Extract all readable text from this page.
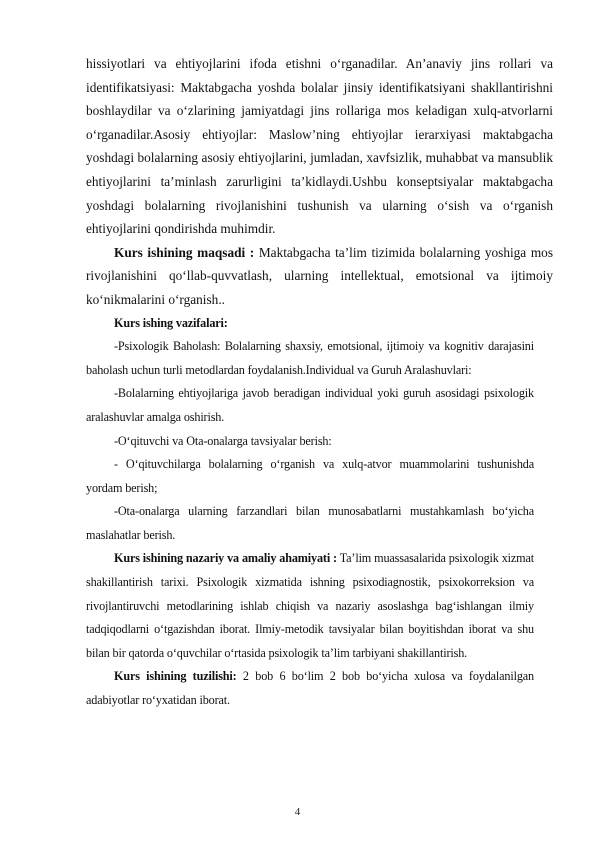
hissiyotlari va ehtiyojlarini ifoda etishni o‘rganadilar. An’anaviy jins rollari va identifikatsiyasi: Maktabgacha yoshda bolalar jinsiy identifikatsiyani shakllantirishni boshlaydilar va o‘zlarining jamiyatdagi jins rollariga mos keladigan xulq-atvorlarni o‘rganadilar.Asosiy ehtiyojlar: Maslow’ning ehtiyojlar ierarxiyasi maktabgacha yoshdagi bolalarning asosiy ehtiyojlarini, jumladan, xavfsizlik, muhabbat va mansublik ehtiyojlarini ta’minlash zarurligini ta’kidlaydi.Ushbu konseptsiyalar maktabgacha yoshdagi bolalarning rivojlanishini tushunish va ularning o‘sish va o‘rganish ehtiyojlarini qondirishda muhimdir.

Kurs ishining maqsadi : Maktabgacha ta’lim tizimida bolalarning yoshiga mos rivojlanishini qo‘llab-quvvatlash, ularning intellektual, emotsional va ijtimoiy ko‘nikmalarini o‘rganish..

Kurs ishing vazifalari:

-Psixologik Baholash: Bolalarning shaxsiy, emotsional, ijtimoiy va kognitiv darajasini baholash uchun turli metodlardan foydalanish.Individual va Guruh Aralashuvlari:

-Bolalarning ehtiyojlariga javob beradigan individual yoki guruh asosidagi psixologik aralashuvlar amalga oshirish.

-O‘qituvchi va Ota-onalarga tavsiyalar berish:

- O‘qituvchilarga bolalarning o‘rganish va xulq-atvor muammolarini tushunishda yordam berish;

-Ota-onalarga ularning farzandlari bilan munosabatlarni mustahkamlash bo‘yicha maslahatlar berish.

Kurs ishining nazariy va amaliy ahamiyati : Ta’lim muassasalarida psixologik xizmat shakillantirish tarixi. Psixologik xizmatida ishning psixodiagnostik, psixokorreksion va rivojlantiruvchi metodlarining ishlab chiqish va nazariy asoslashga bag‘ishlangan ilmiy tadqiqodlarni o‘tgazishdan iborat. Ilmiy-metodik tavsiyalar bilan boyitishdan iborat va shu bilan bir qatorda o‘quvchilar o‘rtasida psixologik ta’lim tarbiyani shakillantirish.

Kurs ishining tuzilishi: 2 bob 6 bo‘lim 2 bob bo‘yicha xulosa va foydalanilgan adabiyotlar ro‘yxatidan iborat.

4
